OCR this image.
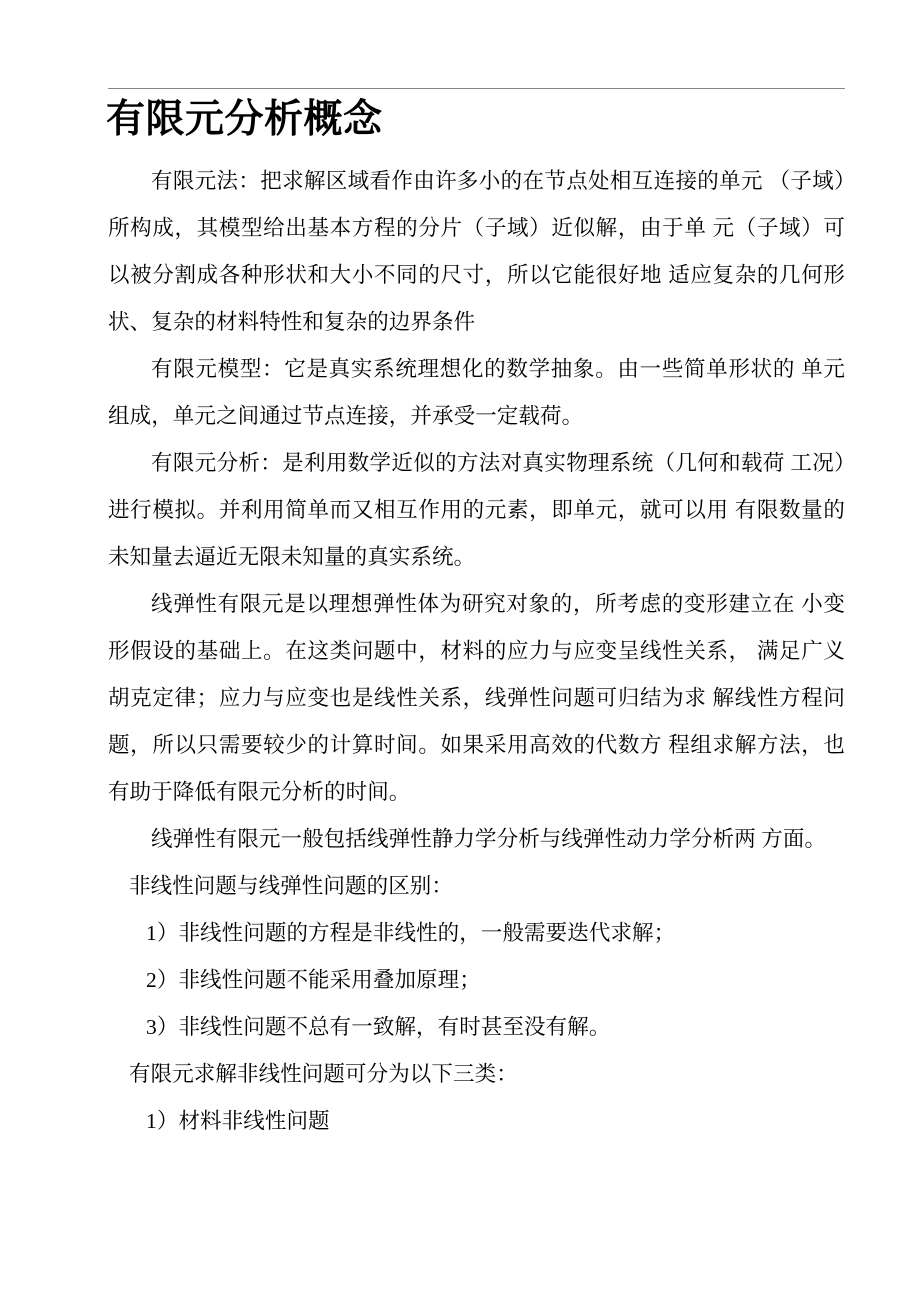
有限元分析概念

有限元法：把求解区域看作由许多小的在节点处相互连接的单元 （子域）所构成，其模型给出基本方程的分片（子域）近似解，由于单 元（子域）可以被分割成各种形状和大小不同的尺寸，所以它能很好地 适应复杂的几何形状、复杂的材料特性和复杂的边界条件

有限元模型：它是真实系统理想化的数学抽象。由一些简单形状的 单元组成，单元之间通过节点连接，并承受一定载荷。

有限元分析：是利用数学近似的方法对真实物理系统（几何和载荷 工况）进行模拟。并利用简单而又相互作用的元素，即单元，就可以用 有限数量的未知量去逼近无限未知量的真实系统。

线弹性有限元是以理想弹性体为研究对象的，所考虑的变形建立在 小变形假设的基础上。在这类问题中，材料的应力与应变呈线性关系， 满足广义胡克定律；应力与应变也是线性关系，线弹性问题可归结为求 解线性方程问题，所以只需要较少的计算时间。如果采用高效的代数方 程组求解方法，也有助于降低有限元分析的时间。

线弹性有限元一般包括线弹性静力学分析与线弹性动力学分析两 方面。

非线性问题与线弹性问题的区别：

1）非线性问题的方程是非线性的，一般需要迭代求解；

2）非线性问题不能采用叠加原理；

3）非线性问题不总有一致解，有时甚至没有解。

有限元求解非线性问题可分为以下三类：

1）材料非线性问题
